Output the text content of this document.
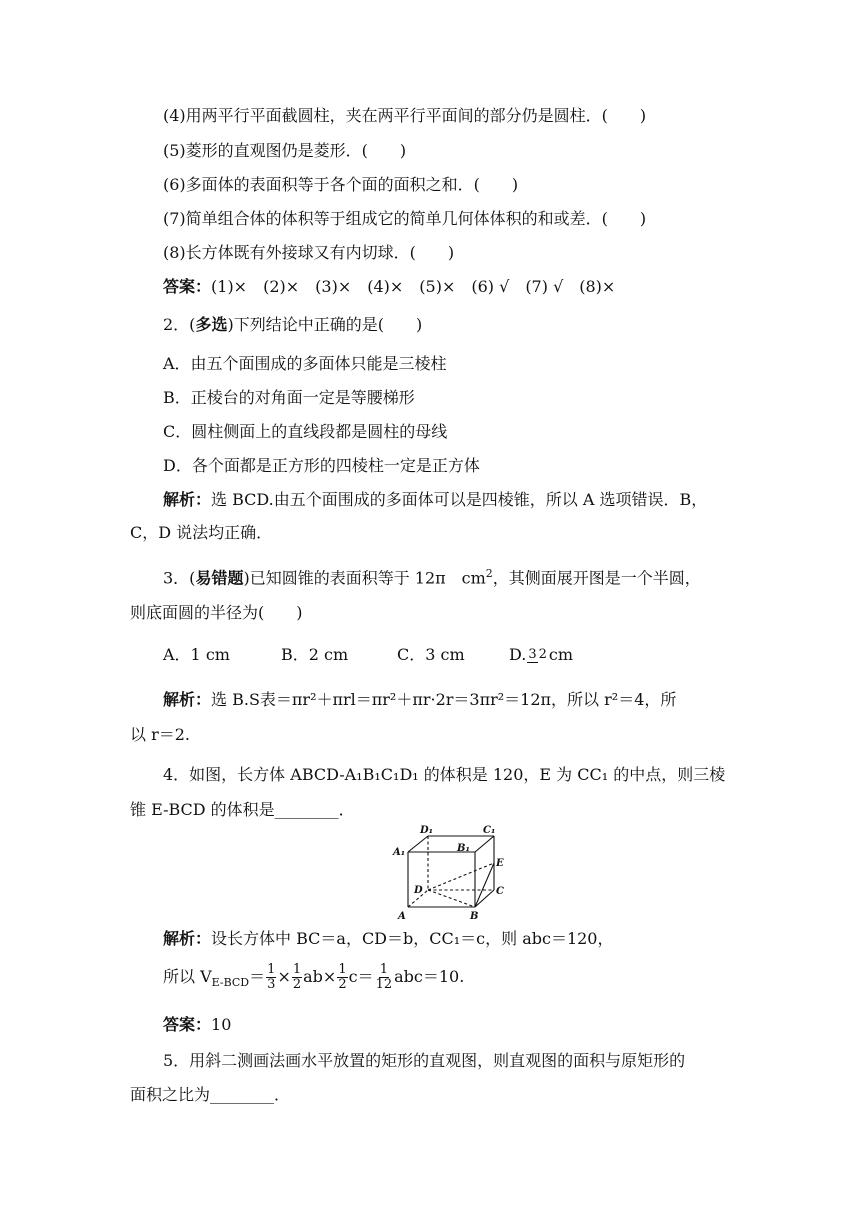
(4)用两平行平面截圆柱，夹在两平行平面间的部分仍是圆柱．(　　)
(5)菱形的直观图仍是菱形．(　　)
(6)多面体的表面积等于各个面的面积之和．(　　)
(7)简单组合体的体积等于组成它的简单几何体体积的和或差．(　　)
(8)长方体既有外接球又有内切球．(　　)
答案：(1)×　(2)×　(3)×　(4)×　(5)×　(6) √　(7) √　(8)×
2．(多选)下列结论中正确的是(　　)
A．由五个面围成的多面体只能是三棱柱
B．正棱台的对角面一定是等腰梯形
C．圆柱侧面上的直线段都是圆柱的母线
D．各个面都是正方形的四棱柱一定是正方体
解析：选 BCD.由五个面围成的多面体可以是四棱锥，所以 A 选项错误．B，
C，D 说法均正确．
3．(易错题)已知圆锥的表面积等于 12π　$cm^2$，其侧面展开图是一个半圆，
则底面圆的半径为(　　)
A．1 cm	B．2 cm	C．3 cm	D. 3 2 cm
解析：选 B.S表＝πr²＋πrl＝πr²＋πr·2r＝3πr²＝12π，所以 r²＝4，所
以 r＝2.
4．如图，长方体 ABCD-A₁B₁C₁D₁ 的体积是 120，E 为 CC₁ 的中点，则三棱
锥 E-BCD 的体积是________．
D₁	C₁
A₁	B₁
E
D	C
A	B
解析：设长方体中 BC＝a，CD＝b，CC₁＝c，则 abc＝120，
所以 $V_{E-BCD}= \frac{1}{3} \times \frac{1}{2} ab\times \frac{1}{2} c= \frac{1}{12} abc=10$.
答案：10
5．用斜二测画法画水平放置的矩形的直观图，则直观图的面积与原矩形的
面积之比为________．
